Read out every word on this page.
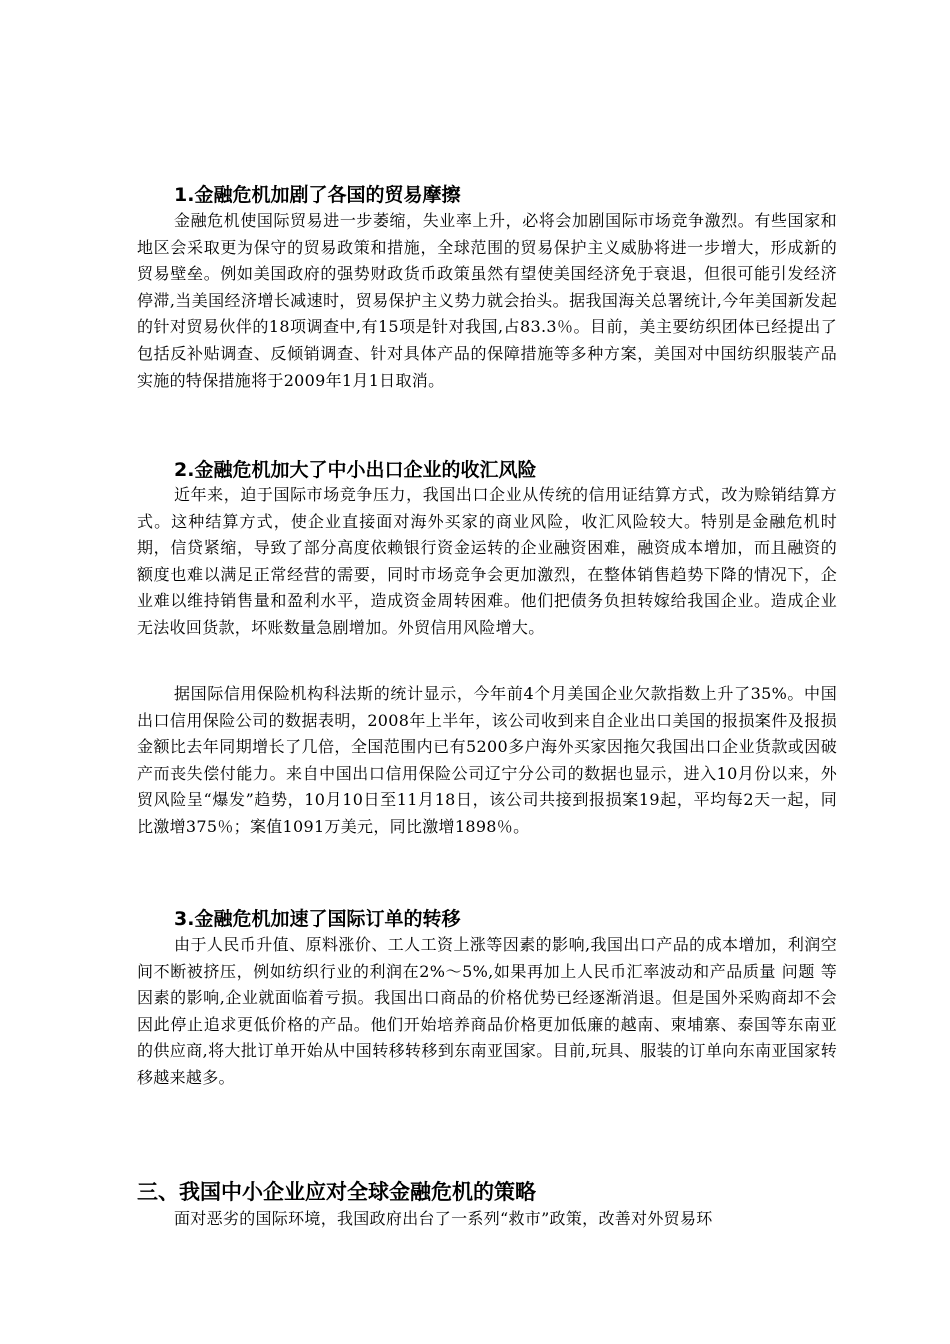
1.金融危机加剧了各国的贸易摩擦

金融危机使国际贸易进一步萎缩，失业率上升，必将会加剧国际市场竞争激烈。有些国家和地区会采取更为保守的贸易政策和措施，全球范围的贸易保护主义威胁将进一步增大，形成新的贸易壁垒。例如美国政府的强势财政货币政策虽然有望使美国经济免于衰退，但很可能引发经济停滞,当美国经济增长减速时，贸易保护主义势力就会抬头。据我国海关总署统计,今年美国新发起的针对贸易伙伴的18项调查中,有15项是针对我国,占83.3％。目前，美主要纺织团体已经提出了包括反补贴调查、反倾销调查、针对具体产品的保障措施等多种方案，美国对中国纺织服装产品实施的特保措施将于2009年1月1日取消。

2.金融危机加大了中小出口企业的收汇风险

近年来，迫于国际市场竞争压力，我国出口企业从传统的信用证结算方式，改为赊销结算方式。这种结算方式，使企业直接面对海外买家的商业风险，收汇风险较大。特别是金融危机时期，信贷紧缩，导致了部分高度依赖银行资金运转的企业融资困难，融资成本增加，而且融资的额度也难以满足正常经营的需要，同时市场竞争会更加激烈，在整体销售趋势下降的情况下，企业难以维持销售量和盈利水平，造成资金周转困难。他们把债务负担转嫁给我国企业。造成企业无法收回货款，坏账数量急剧增加。外贸信用风险增大。

据国际信用保险机构科法斯的统计显示，今年前4个月美国企业欠款指数上升了35%。中国出口信用保险公司的数据表明，2008年上半年，该公司收到来自企业出口美国的报损案件及报损金额比去年同期增长了几倍，全国范围内已有5200多户海外买家因拖欠我国出口企业货款或因破产而丧失偿付能力。来自中国出口信用保险公司辽宁分公司的数据也显示，进入10月份以来，外贸风险呈“爆发”趋势，10月10日至11月18日，该公司共接到报损案19起，平均每2天一起，同比激增375％；案值1091万美元，同比激增1898％。

3.金融危机加速了国际订单的转移

由于人民币升值、原料涨价、工人工资上涨等因素的影响,我国出口产品的成本增加，利润空间不断被挤压，例如纺织行业的利润在2%～5%,如果再加上人民币汇率波动和产品质量 问题 等因素的影响,企业就面临着亏损。我国出口商品的价格优势已经逐渐消退。但是国外采购商却不会因此停止追求更低价格的产品。他们开始培养商品价格更加低廉的越南、柬埔寨、泰国等东南亚的供应商,将大批订单开始从中国转移转移到东南亚国家。目前,玩具、服装的订单向东南亚国家转移越来越多。

三、我国中小企业应对全球金融危机的策略

面对恶劣的国际环境，我国政府出台了一系列“救市”政策，改善对外贸易环
